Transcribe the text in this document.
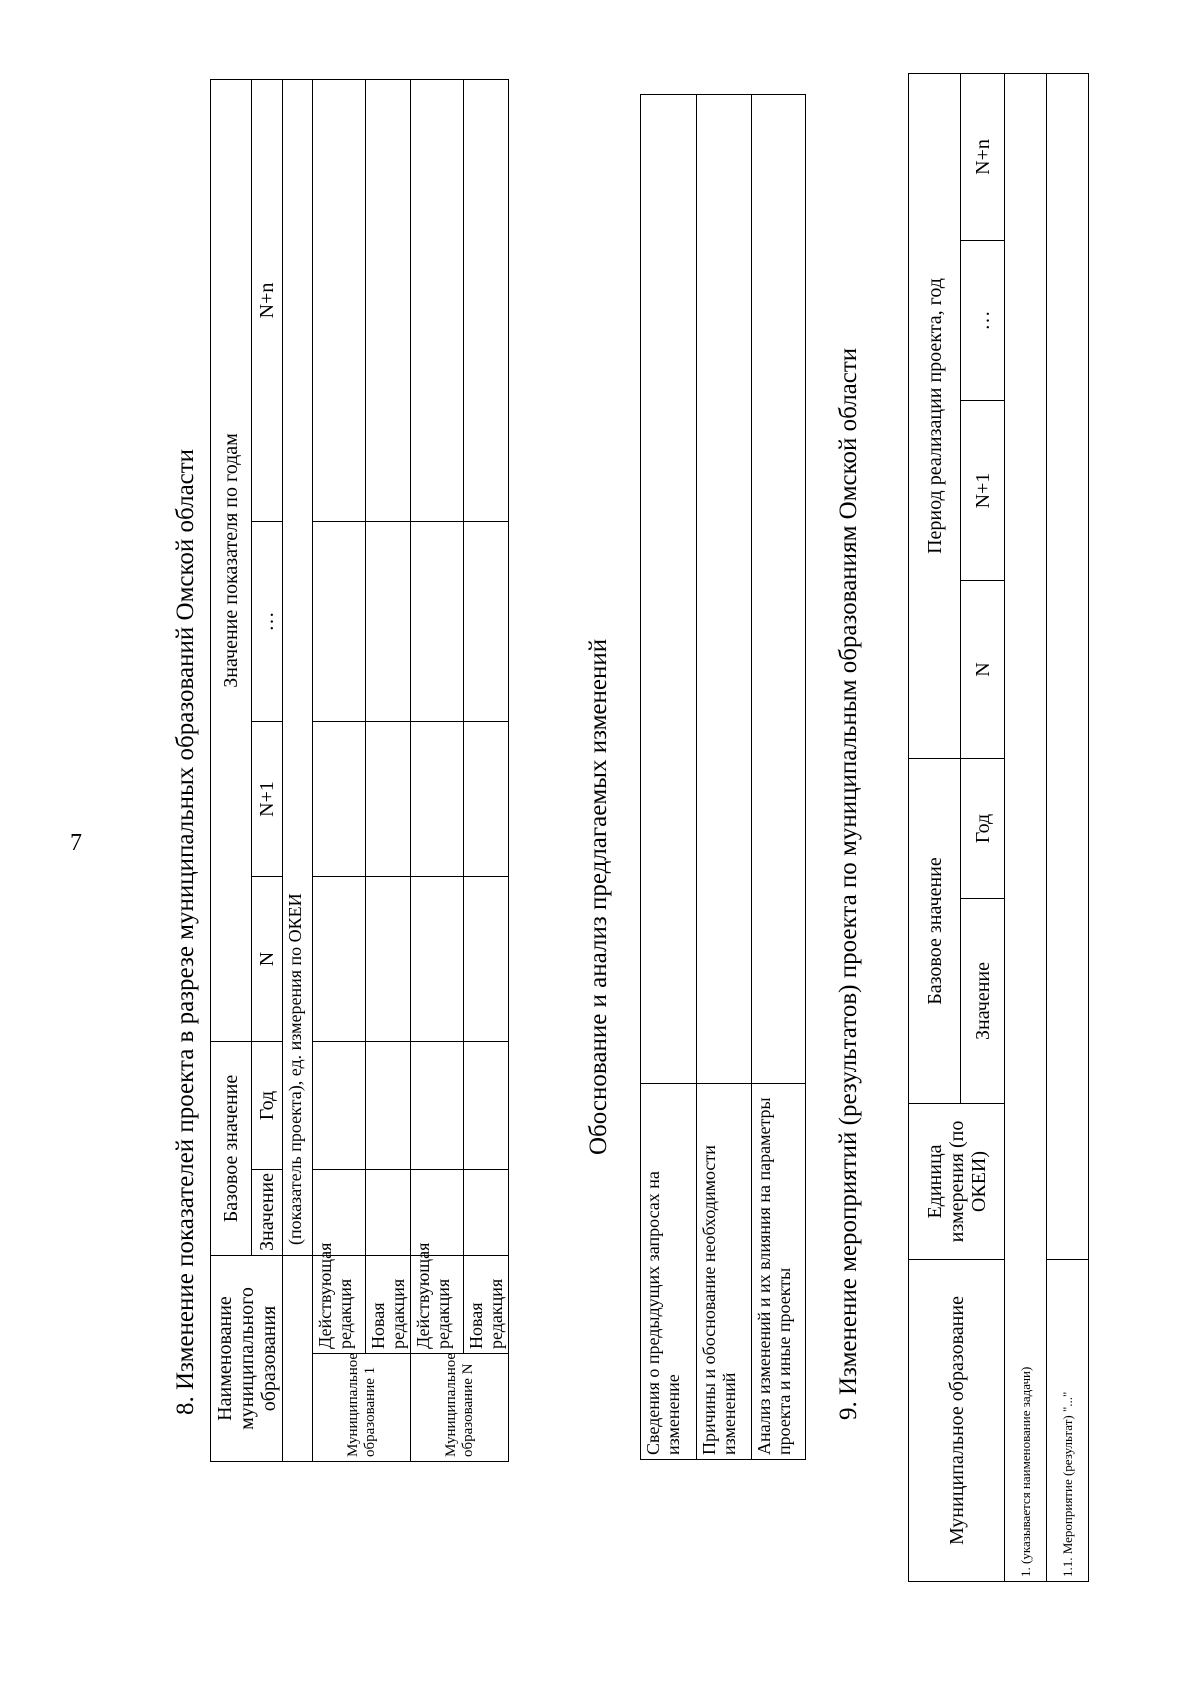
7	8. Изменение показателей проекта в разрезе муниципальных образований Омской области Наименование муниципального образования		Базовое значение		Значение показателя по годам			
		Значение	Год	N	N+1	…	N+n
		(показатель проекта), ед. измерения по ОКЕИ					
Муниципальное образование 1	Действующая редакция						
	Новая редакция						
Муниципальное образование N	Действующая редакция						
	Новая редакция						
Обоснование и анализ предлагаемых изменений
Сведения о предыдущих запросах на изменение	
Причины и обоснование необходимости изменений	
Анализ изменений и их влияния на параметры проекта и иные проекты	9. Изменение мероприятий (результатов) проекта по муниципальным образованиям Омской области
Муниципальное образование	Единица измерения (по ОКЕИ)	Базовое значение		Период реализации проекта, год			
		Значение	Год	N	N+1	…	N+n
1. (указывается наименование задачи)							
1.1. Мероприятие (результат) "..."							
